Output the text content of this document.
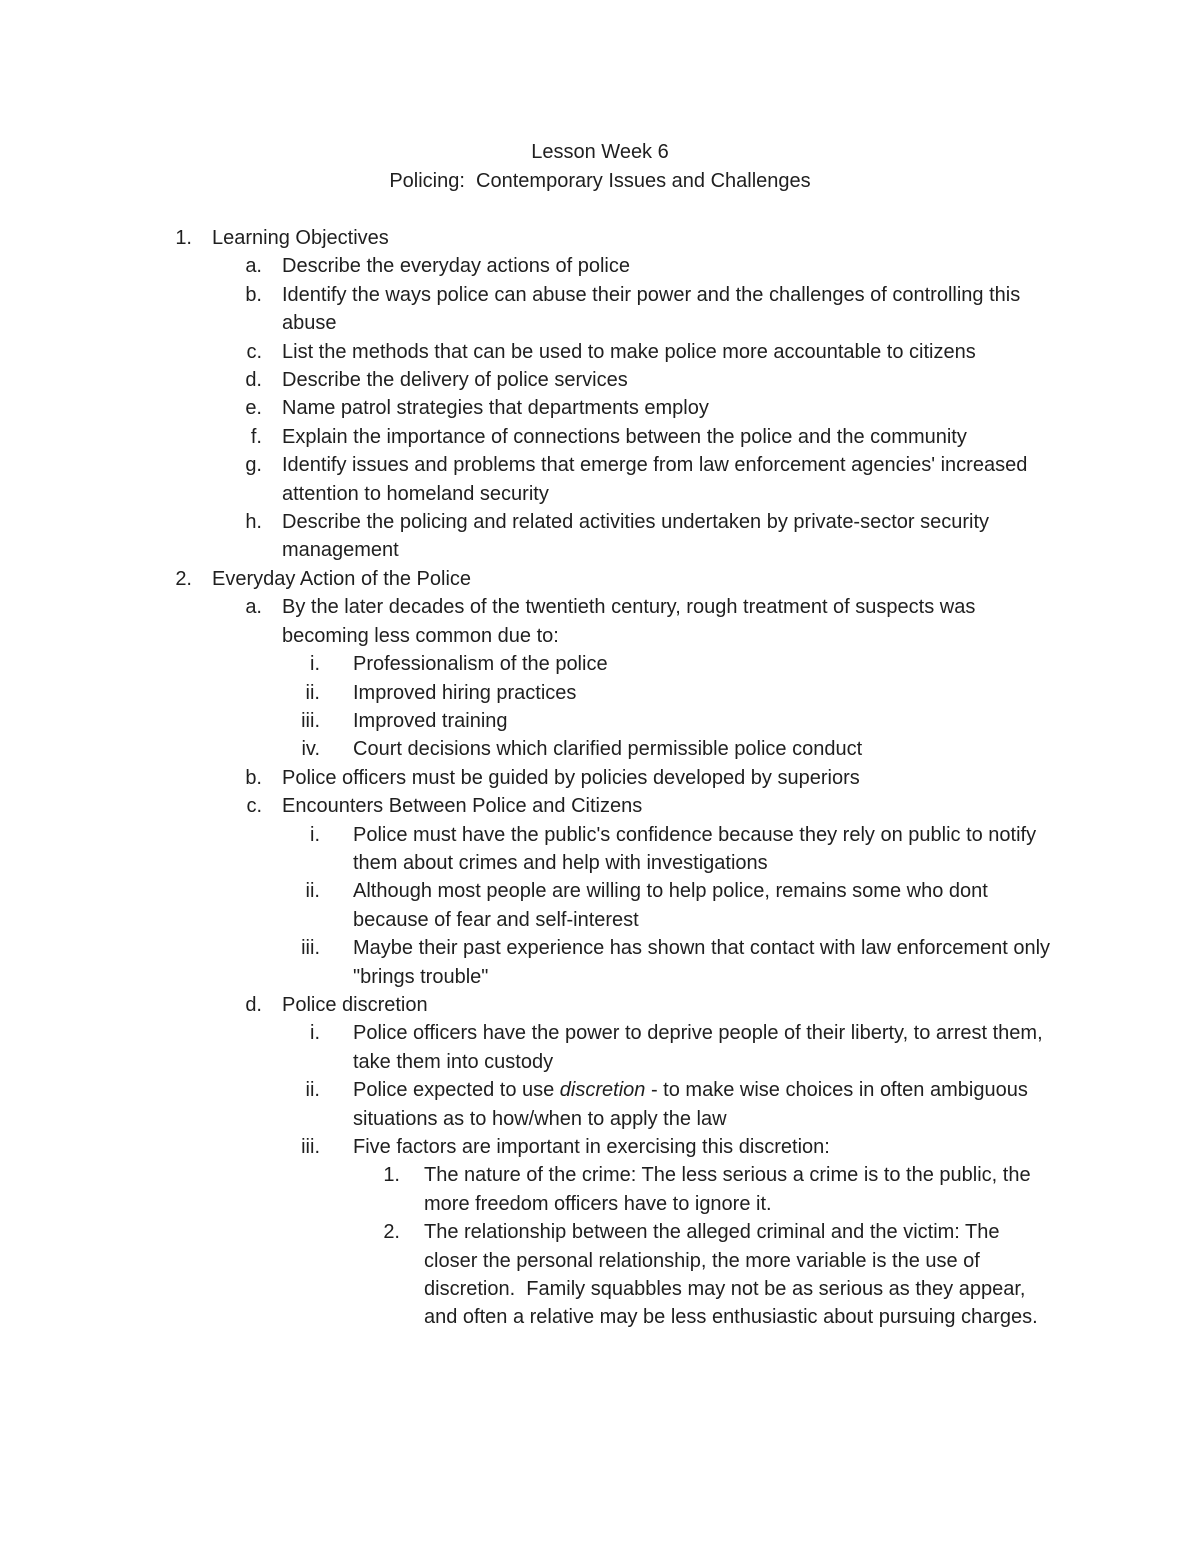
Lesson Week 6
Policing:  Contemporary Issues and Challenges
1. Learning Objectives
a. Describe the everyday actions of police
b. Identify the ways police can abuse their power and the challenges of controlling this abuse
c. List the methods that can be used to make police more accountable to citizens
d. Describe the delivery of police services
e. Name patrol strategies that departments employ
f. Explain the importance of connections between the police and the community
g. Identify issues and problems that emerge from law enforcement agencies' increased attention to homeland security
h. Describe the policing and related activities undertaken by private-sector security management
2. Everyday Action of the Police
a. By the later decades of the twentieth century, rough treatment of suspects was becoming less common due to:
i. Professionalism of the police
ii. Improved hiring practices
iii. Improved training
iv. Court decisions which clarified permissible police conduct
b. Police officers must be guided by policies developed by superiors
c. Encounters Between Police and Citizens
i. Police must have the public's confidence because they rely on public to notify them about crimes and help with investigations
ii. Although most people are willing to help police, remains some who dont because of fear and self-interest
iii. Maybe their past experience has shown that contact with law enforcement only "brings trouble"
d. Police discretion
i. Police officers have the power to deprive people of their liberty, to arrest them, take them into custody
ii. Police expected to use discretion - to make wise choices in often ambiguous situations as to how/when to apply the law
iii. Five factors are important in exercising this discretion:
1. The nature of the crime: The less serious a crime is to the public, the more freedom officers have to ignore it.
2. The relationship between the alleged criminal and the victim: The closer the personal relationship, the more variable is the use of discretion.  Family squabbles may not be as serious as they appear, and often a relative may be less enthusiastic about pursuing charges.
